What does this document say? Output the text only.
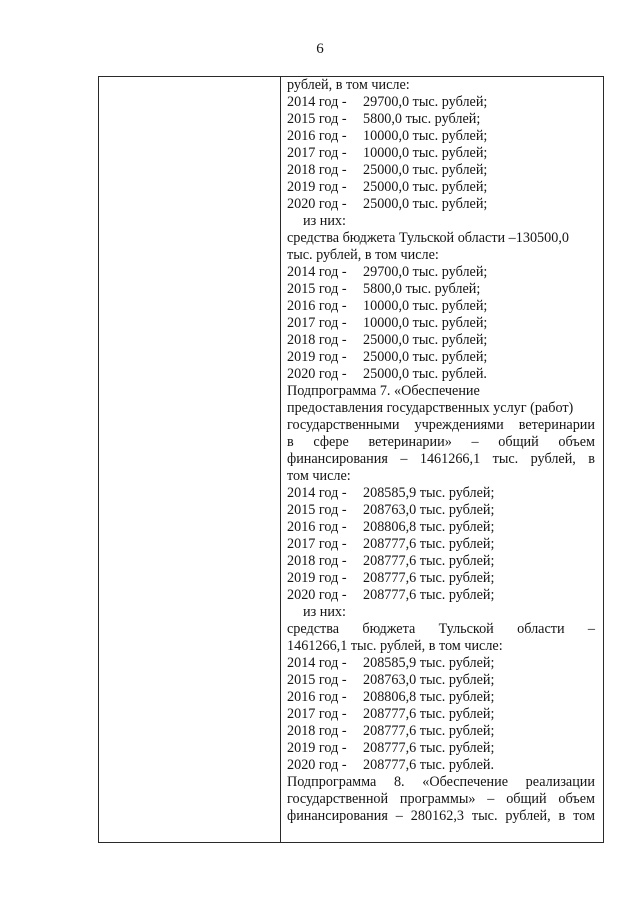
6
рублей, в том числе:
2014 год - 29700,0 тыс. рублей;
2015 год - 5800,0 тыс. рублей;
2016 год - 10000,0 тыс. рублей;
2017 год - 10000,0 тыс. рублей;
2018 год - 25000,0 тыс. рублей;
2019 год - 25000,0 тыс. рублей;
2020 год - 25000,0 тыс. рублей;
из них:
средства бюджета Тульской области –130500,0
тыс. рублей, в том числе:
2014 год - 29700,0 тыс. рублей;
2015 год - 5800,0 тыс. рублей;
2016 год - 10000,0 тыс. рублей;
2017 год - 10000,0 тыс. рублей;
2018 год - 25000,0 тыс. рублей;
2019 год - 25000,0 тыс. рублей;
2020 год - 25000,0 тыс. рублей.
Подпрограмма 7. «Обеспечение
предоставления государственных услуг (работ)
государственными учреждениями ветеринарии
в сфере ветеринарии» – общий объем
финансирования – 1461266,1 тыс. рублей, в
том числе:
2014 год - 208585,9 тыс. рублей;
2015 год - 208763,0 тыс. рублей;
2016 год - 208806,8 тыс. рублей;
2017 год - 208777,6 тыс. рублей;
2018 год - 208777,6 тыс. рублей;
2019 год - 208777,6 тыс. рублей;
2020 год - 208777,6 тыс. рублей;
из них:
средства бюджета Тульской области –
1461266,1 тыс. рублей, в том числе:
2014 год - 208585,9 тыс. рублей;
2015 год - 208763,0 тыс. рублей;
2016 год - 208806,8 тыс. рублей;
2017 год - 208777,6 тыс. рублей;
2018 год - 208777,6 тыс. рублей;
2019 год - 208777,6 тыс. рублей;
2020 год - 208777,6 тыс. рублей.
Подпрограмма 8. «Обеспечение реализации
государственной программы» – общий объем
финансирования – 280162,3 тыс. рублей, в том
